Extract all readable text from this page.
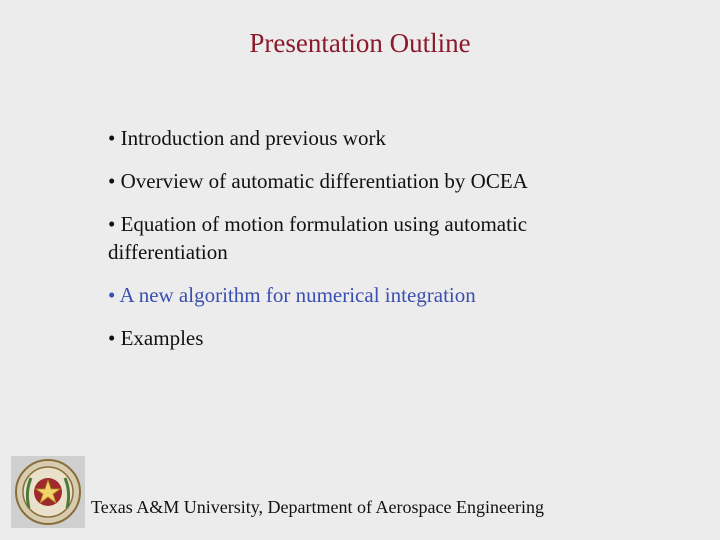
Presentation Outline
• Introduction and previous work
• Overview of automatic differentiation by OCEA
• Equation of motion formulation using automatic differentiation
• A new algorithm for numerical integration
• Examples
Texas A&M University, Department of Aerospace Engineering
